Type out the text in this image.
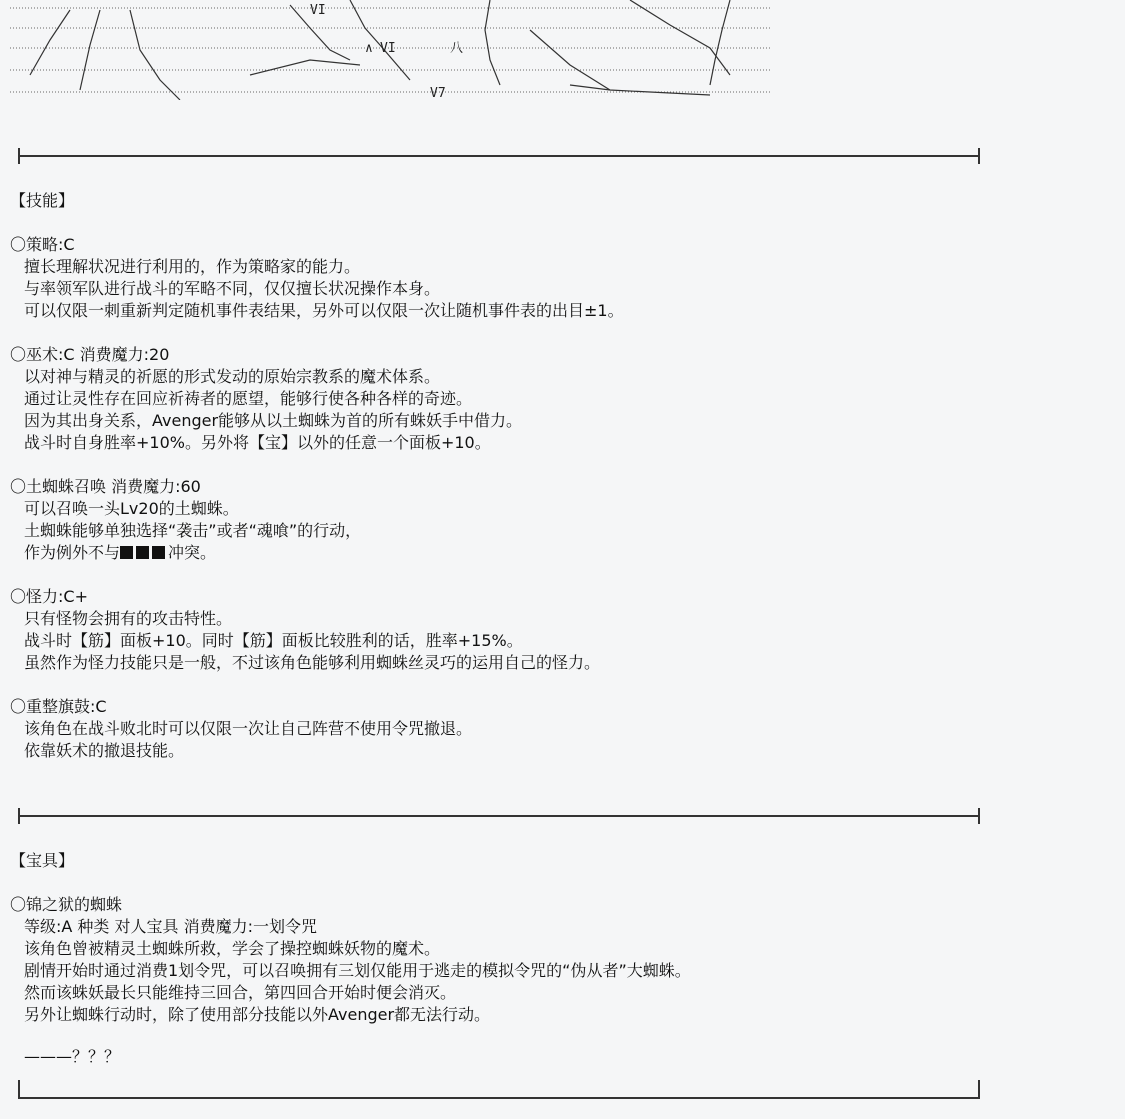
VI
VI
V7
∧	八
【技能】
〇策略:C
擅长理解状况进行利用的，作为策略家的能力。
与率领军队进行战斗的军略不同，仅仅擅长状况操作本身。
可以仅限一刺重新判定随机事件表结果，另外可以仅限一次让随机事件表的出目±1。
〇巫术:C 消费魔力:20
以对神与精灵的祈愿的形式发动的原始宗教系的魔术体系。
通过让灵性存在回应祈祷者的愿望，能够行使各种各样的奇迹。
因为其出身关系，Avenger能够从以土蜘蛛为首的所有蛛妖手中借力。
战斗时自身胜率+10%。另外将【宝】以外的任意一个面板+10。
〇土蜘蛛召唤 消费魔力:60
可以召唤一头Lv20的土蜘蛛。
土蜘蛛能够单独选择“袭击”或者“魂喰”的行动，
作为例外不与	冲突。
〇怪力:C+
只有怪物会拥有的攻击特性。
战斗时【筋】面板+10。同时【筋】面板比较胜利的话，胜率+15%。
虽然作为怪力技能只是一般，不过该角色能够利用蜘蛛丝灵巧的运用自己的怪力。
〇重整旗鼓:C
该角色在战斗败北时可以仅限一次让自己阵营不使用令咒撤退。
依靠妖术的撤退技能。
【宝具】
〇锦之狱的蜘蛛
等级:A 种类 对人宝具 消费魔力:一划令咒
该角色曾被精灵土蜘蛛所救，学会了操控蜘蛛妖物的魔术。
剧情开始时通过消费1划令咒，可以召唤拥有三划仅能用于逃走的模拟令咒的“伪从者”大蜘蛛。
然而该蛛妖最长只能维持三回合，第四回合开始时便会消灭。
另外让蜘蛛行动时，除了使用部分技能以外Avenger都无法行动。
———？？？
